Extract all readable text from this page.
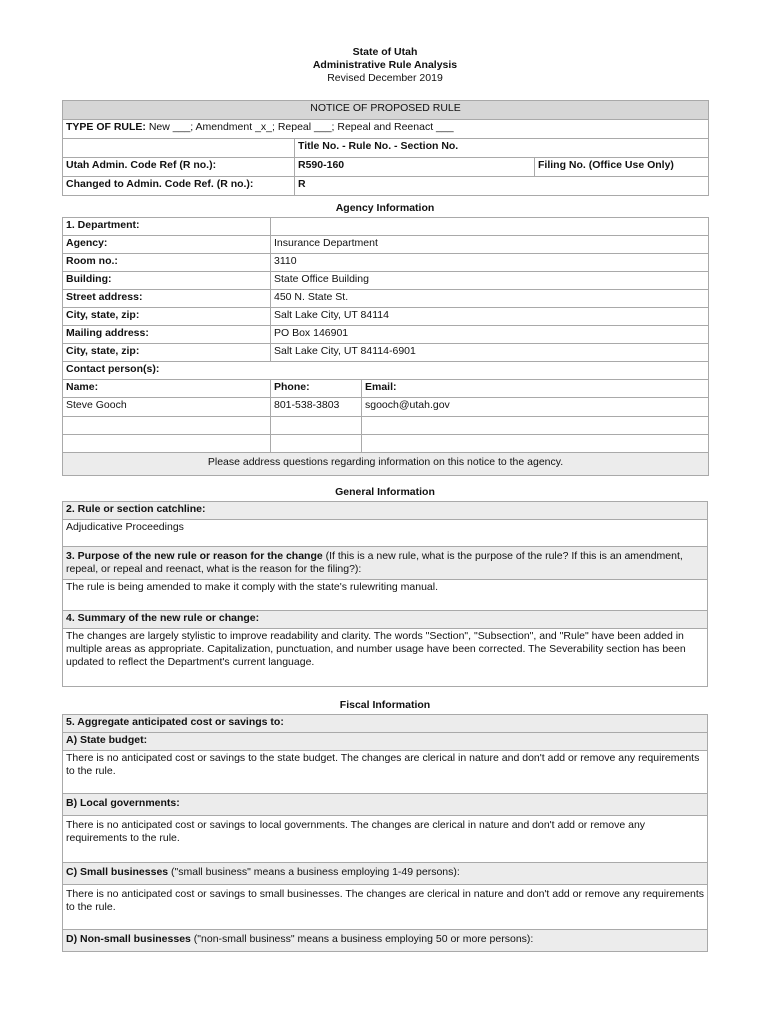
State of Utah
Administrative Rule Analysis
Revised December 2019
NOTICE OF PROPOSED RULE		
TYPE OF RULE: New ___; Amendment _x_; Repeal ___; Repeal and Reenact ___		
	Title No. - Rule No. - Section No.	
Utah Admin. Code Ref (R no.):	R590-160	Filing No. (Office Use Only)
Changed to Admin. Code Ref. (R no.):	R	
Agency Information
1. Department:		
Agency:	Insurance Department	
Room no.:	3110	
Building:	State Office Building	
Street address:	450 N. State St.	
City, state, zip:	Salt Lake City, UT 84114	
Mailing address:	PO Box 146901	
City, state, zip:	Salt Lake City, UT 84114-6901	
Contact person(s):		
Name:	Phone:	Email:
Steve Gooch	801-538-3803	sgooch@utah.gov

Please address questions regarding information on this notice to the agency.		
General Information
2. Rule or section catchline:
Adjudicative Proceedings
3. Purpose of the new rule or reason for the change (If this is a new rule, what is the purpose of the rule? If this is an amendment, repeal, or repeal and reenact, what is the reason for the filing?):
The rule is being amended to make it comply with the state's rulewriting manual.
4. Summary of the new rule or change:
The changes are largely stylistic to improve readability and clarity. The words "Section", "Subsection", and "Rule" have been added in multiple areas as appropriate. Capitalization, punctuation, and number usage have been corrected. The Severability section has been updated to reflect the Department's current language.
Fiscal Information
5. Aggregate anticipated cost or savings to:
A) State budget:
There is no anticipated cost or savings to the state budget. The changes are clerical in nature and don't add or remove any requirements to the rule.
B) Local governments:
There is no anticipated cost or savings to local governments. The changes are clerical in nature and don't add or remove any requirements to the rule.
C) Small businesses ("small business" means a business employing 1-49 persons):
There is no anticipated cost or savings to small businesses. The changes are clerical in nature and don't add or remove any requirements to the rule.
D) Non-small businesses ("non-small business" means a business employing 50 or more persons):
